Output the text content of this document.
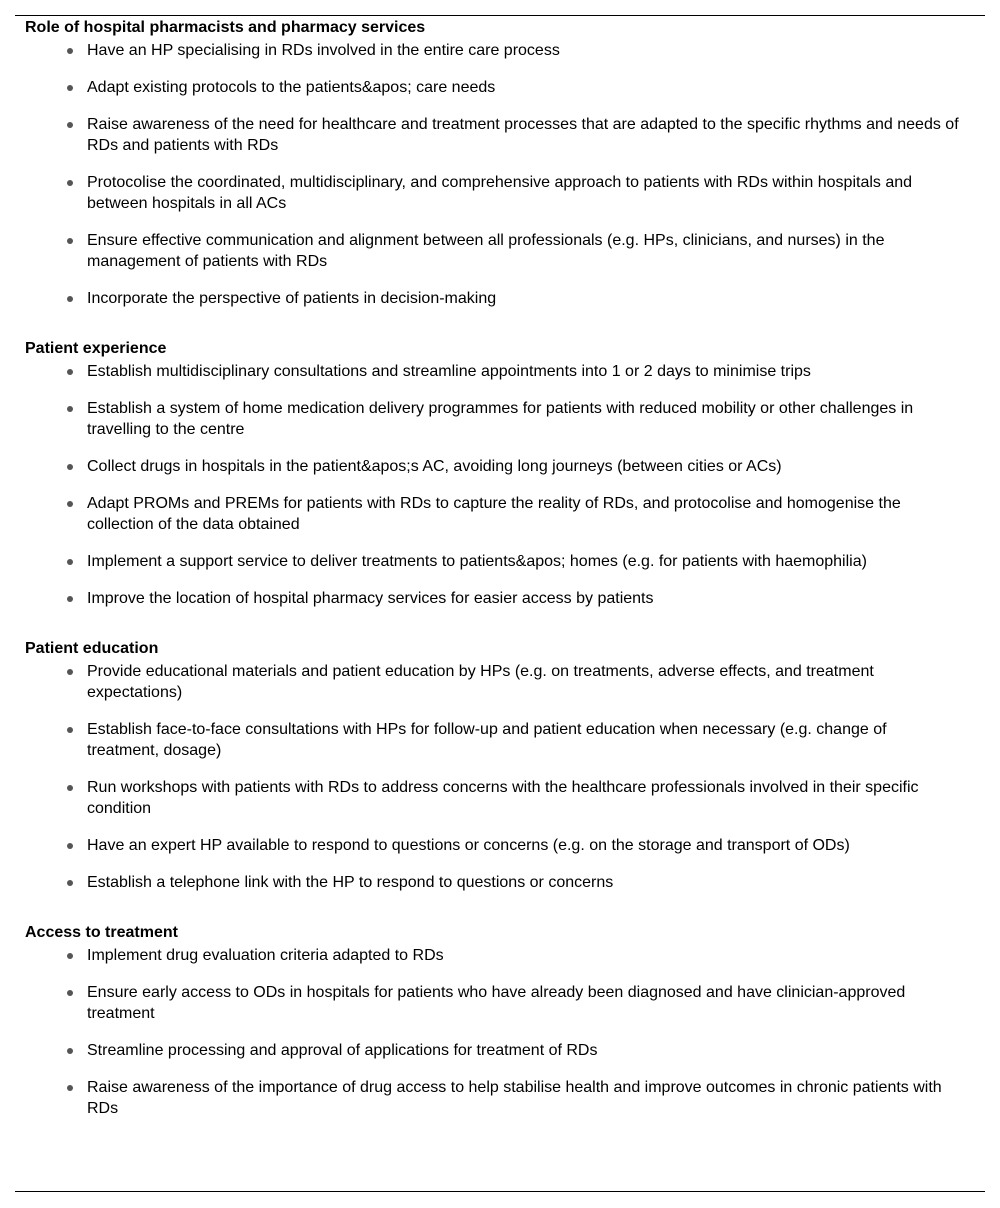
Role of hospital pharmacists and pharmacy services
Have an HP specialising in RDs involved in the entire care process
Adapt existing protocols to the patients&apos; care needs
Raise awareness of the need for healthcare and treatment processes that are adapted to the specific rhythms and needs of RDs and patients with RDs
Protocolise the coordinated, multidisciplinary, and comprehensive approach to patients with RDs within hospitals and between hospitals in all ACs
Ensure effective communication and alignment between all professionals (e.g. HPs, clinicians, and nurses) in the management of patients with RDs
Incorporate the perspective of patients in decision-making
Patient experience
Establish multidisciplinary consultations and streamline appointments into 1 or 2 days to minimise trips
Establish a system of home medication delivery programmes for patients with reduced mobility or other challenges in travelling to the centre
Collect drugs in hospitals in the patient&apos;s AC, avoiding long journeys (between cities or ACs)
Adapt PROMs and PREMs for patients with RDs to capture the reality of RDs, and protocolise and homogenise the collection of the data obtained
Implement a support service to deliver treatments to patients&apos; homes (e.g. for patients with haemophilia)
Improve the location of hospital pharmacy services for easier access by patients
Patient education
Provide educational materials and patient education by HPs (e.g. on treatments, adverse effects, and treatment expectations)
Establish face-to-face consultations with HPs for follow-up and patient education when necessary (e.g. change of treatment, dosage)
Run workshops with patients with RDs to address concerns with the healthcare professionals involved in their specific condition
Have an expert HP available to respond to questions or concerns (e.g. on the storage and transport of ODs)
Establish a telephone link with the HP to respond to questions or concerns
Access to treatment
Implement drug evaluation criteria adapted to RDs
Ensure early access to ODs in hospitals for patients who have already been diagnosed and have clinician-approved treatment
Streamline processing and approval of applications for treatment of RDs
Raise awareness of the importance of drug access to help stabilise health and improve outcomes in chronic patients with RDs
